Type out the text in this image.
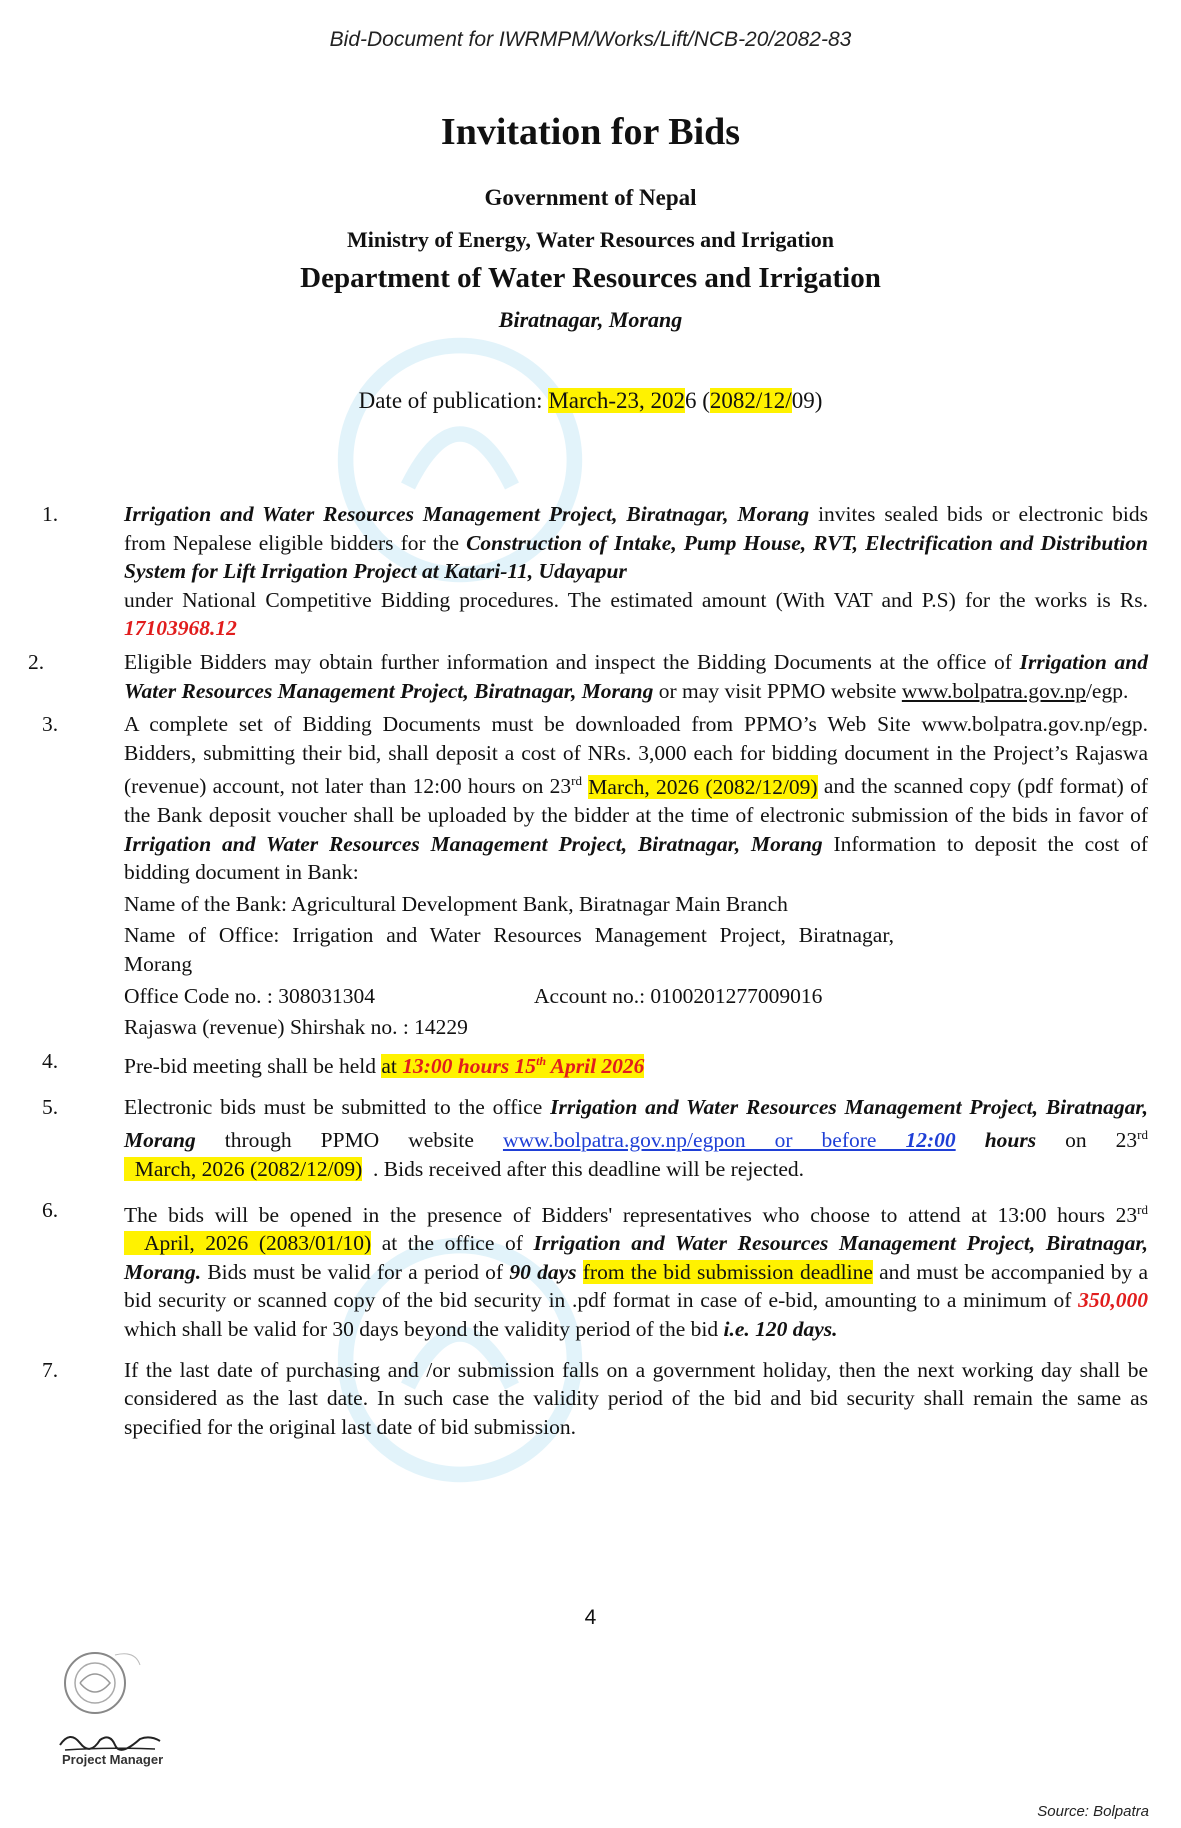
Bid-Document for IWRMPM/Works/Lift/NCB-20/2082-83
Invitation for Bids
Government of Nepal
Ministry of Energy, Water Resources and Irrigation
Department of Water Resources and Irrigation
Biratnagar, Morang
Date of publication: March-23, 2026 (2082/12/09)
1.	Irrigation and Water Resources Management Project, Biratnagar, Morang invites sealed bids or electronic bids from Nepalese eligible bidders for the Construction of Intake, Pump House, RVT, Electrification and Distribution System for Lift Irrigation Project at Katari-11, Udayapur
under National Competitive Bidding procedures. The estimated amount (With VAT and P.S) for the works is Rs. 17103968.12
2.	Eligible Bidders may obtain further information and inspect the Bidding Documents at the office of Irrigation and Water Resources Management Project, Biratnagar, Morang or may visit PPMO website www.bolpatra.gov.np/egp.
3.	A complete set of Bidding Documents must be downloaded from PPMO’s Web Site www.bolpatra.gov.np/egp. Bidders, submitting their bid, shall deposit a cost of NRs. 3,000 each for bidding document in the Project’s Rajaswa (revenue) account, not later than 12:00 hours on 23rd March, 2026 (2082/12/09) and the scanned copy (pdf format) of the Bank deposit voucher shall be uploaded by the bidder at the time of electronic submission of the bids in favor of Irrigation and Water Resources Management Project, Biratnagar, Morang Information to deposit the cost of bidding document in Bank:
Name of the Bank: Agricultural Development Bank, Biratnagar Main Branch
Name of Office: Irrigation and Water Resources Management Project, Biratnagar, Morang
Office Code no. : 308031304	Account no.: 0100201277009016
Rajaswa (revenue) Shirshak no. : 14229
4.	Pre-bid meeting shall be held at 13:00 hours 15th April 2026
5.	Electronic bids must be submitted to the office Irrigation and Water Resources Management Project, Biratnagar, Morang through PPMO website www.bolpatra.gov.np/egpon or before 12:00 hours on 23rd  March, 2026 (2082/12/09)  . Bids received after this deadline will be rejected.
6.	The bids will be opened in the presence of Bidders' representatives who choose to attend at 13:00 hours 23rd  April, 2026 (2083/01/10) at the office of Irrigation and Water Resources Management Project, Biratnagar, Morang. Bids must be valid for a period of 90 days from the bid submission deadline and must be accompanied by a bid security or scanned copy of the bid security in .pdf format in case of e-bid, amounting to a minimum of 350,000 which shall be valid for 30 days beyond the validity period of the bid i.e. 120 days.
7.	If the last date of purchasing and /or submission falls on a government holiday, then the next working day shall be considered as the last date. In such case the validity period of the bid and bid security shall remain the same as specified for the original last date of bid submission.
4
Project Manager
Source: Bolpatra
